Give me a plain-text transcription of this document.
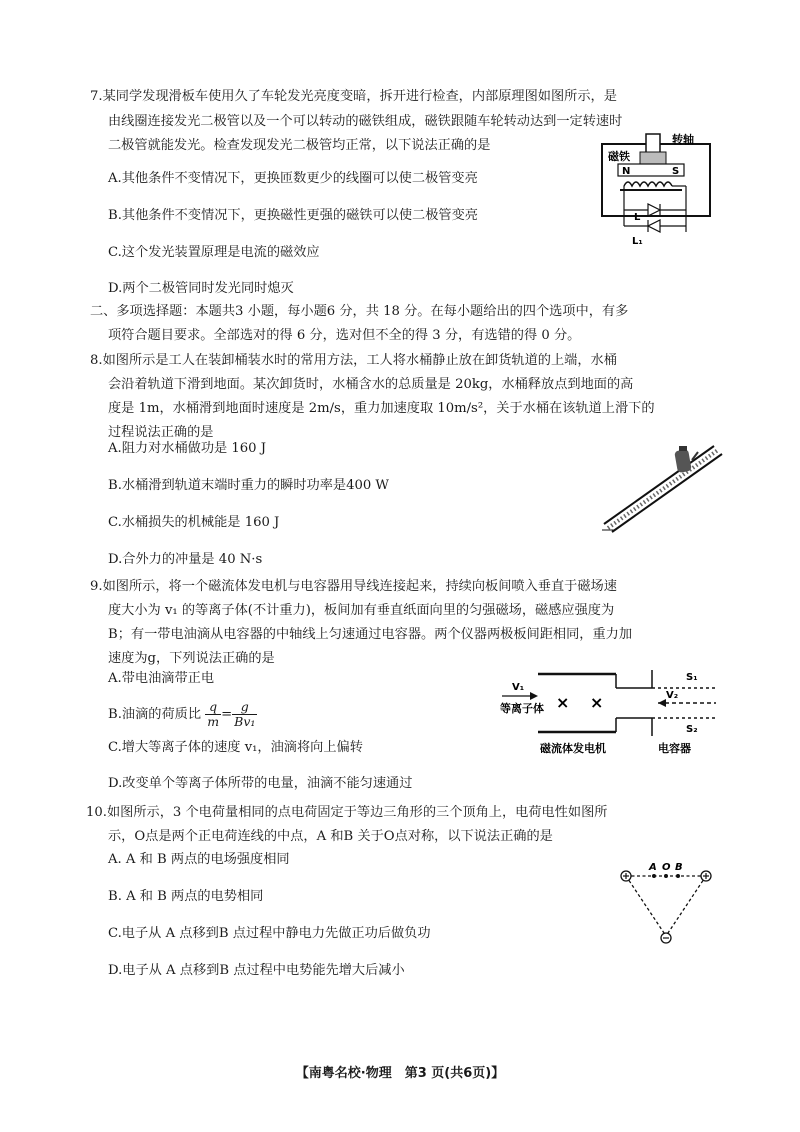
7.某同学发现滑板车使用久了车轮发光亮度变暗，拆开进行检查，内部原理图如图所示，是
由线圈连接发光二极管以及一个可以转动的磁铁组成，磁铁跟随车轮转动达到一定转速时
二极管就能发光。检查发现发光二极管均正常，以下说法正确的是
A.其他条件不变情况下，更换匝数更少的线圈可以使二极管变亮
B.其他条件不变情况下，更换磁性更强的磁铁可以使二极管变亮
C.这个发光装置原理是电流的磁效应
D.两个二极管同时发光同时熄灭
转轴
磁铁
N	S
L
L₁
二、多项选择题：本题共3 小题，每小题6 分，共 18 分。在每小题给出的四个选项中，有多
项符合题目要求。全部选对的得 6 分，选对但不全的得 3 分，有选错的得 0 分。
8.如图所示是工人在装卸桶装水时的常用方法，工人将水桶静止放在卸货轨道的上端，水桶
会沿着轨道下滑到地面。某次卸货时，水桶含水的总质量是 20kg，水桶释放点到地面的高
度是 1m，水桶滑到地面时速度是 2m/s，重力加速度取 10m/s²，关于水桶在该轨道上滑下的
过程说法正确的是
A.阻力对水桶做功是 160 J
B.水桶滑到轨道末端时重力的瞬时功率是400 W
C.水桶损失的机械能是 160 J
D.合外力的冲量是 40 N·s
9.如图所示，将一个磁流体发电机与电容器用导线连接起来，持续向板间喷入垂直于磁场速
度大小为 v₁ 的等离子体(不计重力)，板间加有垂直纸面向里的匀强磁场，磁感应强度为
B；有一带电油滴从电容器的中轴线上匀速通过电容器。两个仪器两极板间距相同，重力加
速度为g，下列说法正确的是
A.带电油滴带正电
B.油滴的荷质比 $\frac{q}{m} = \frac{g}{\text{Bv₁}}$
C.增大等离子体的速度 v₁，油滴将向上偏转
D.改变单个等离子体所带的电量，油滴不能匀速通过
V₁
等离子体 × ×	V₂
S₁
S₂
磁流体发电机	电容器
10.如图所示，3 个电荷量相同的点电荷固定于等边三角形的三个顶角上，电荷电性如图所
示，O点是两个正电荷连线的中点，A 和B 关于O点对称，以下说法正确的是
A. A 和 B 两点的电场强度相同
B. A 和 B 两点的电势相同
C.电子从 A 点移到B 点过程中静电力先做正功后做负功
D.电子从 A 点移到B 点过程中电势能先增大后减小
A O B
【南粤名校·物理　第3 页(共6页)】
